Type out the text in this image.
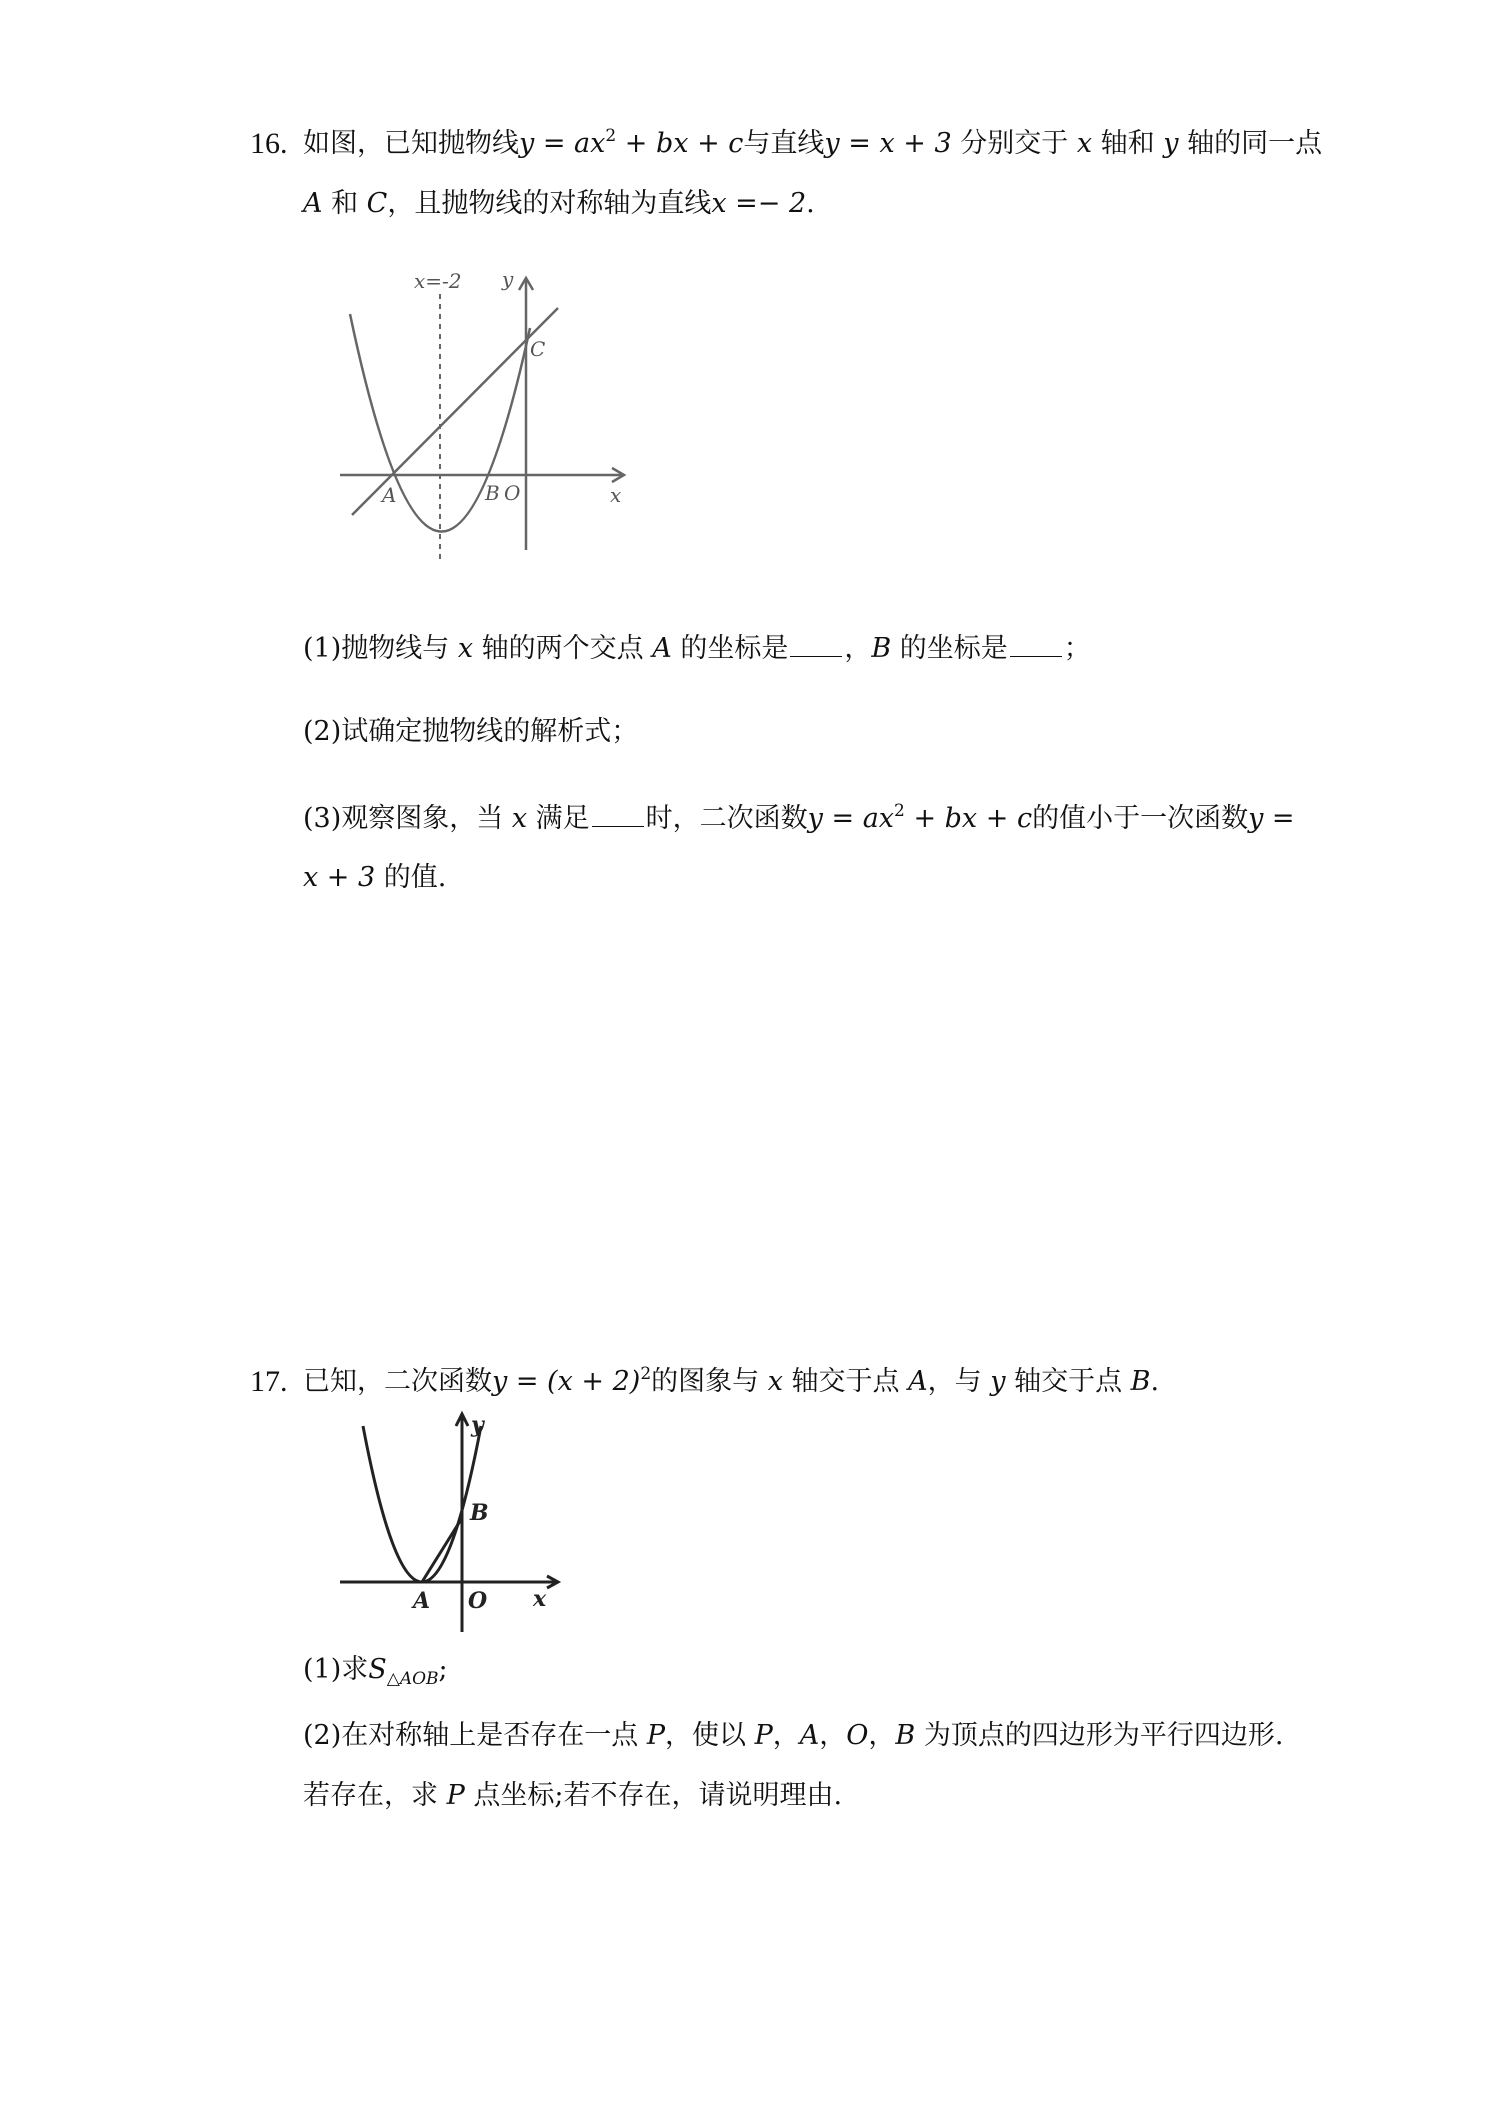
16. 如图，已知抛物线$y = ax^2$ + bx + c与直线y = x + 3 分别交于 x 轴和 y 轴的同一点
A 和 C，且抛物线的对称轴为直线x =− 2.
x=-2 y
C
A	B O	x
(1)抛物线与 x 轴的两个交点 A 的坐标是 ，B 的坐标是 ；
(2)试确定抛物线的解析式；
(3)观察图象，当 x 满足 时，二次函数$y = ax^2$ + bx + c的值小于一次函数y =
x + 3 的值.
17. 已知，二次函数$y = (x + 2)^2$的图象与 x 轴交于点 A，与 y 轴交于点 B.
y
B
A O x
(1)求$S_{\triangle AOB}$;
(2)在对称轴上是否存在一点 P，使以 P，A，O，B 为顶点的四边形为平行四边形.
若存在，求 P 点坐标;若不存在，请说明理由.
